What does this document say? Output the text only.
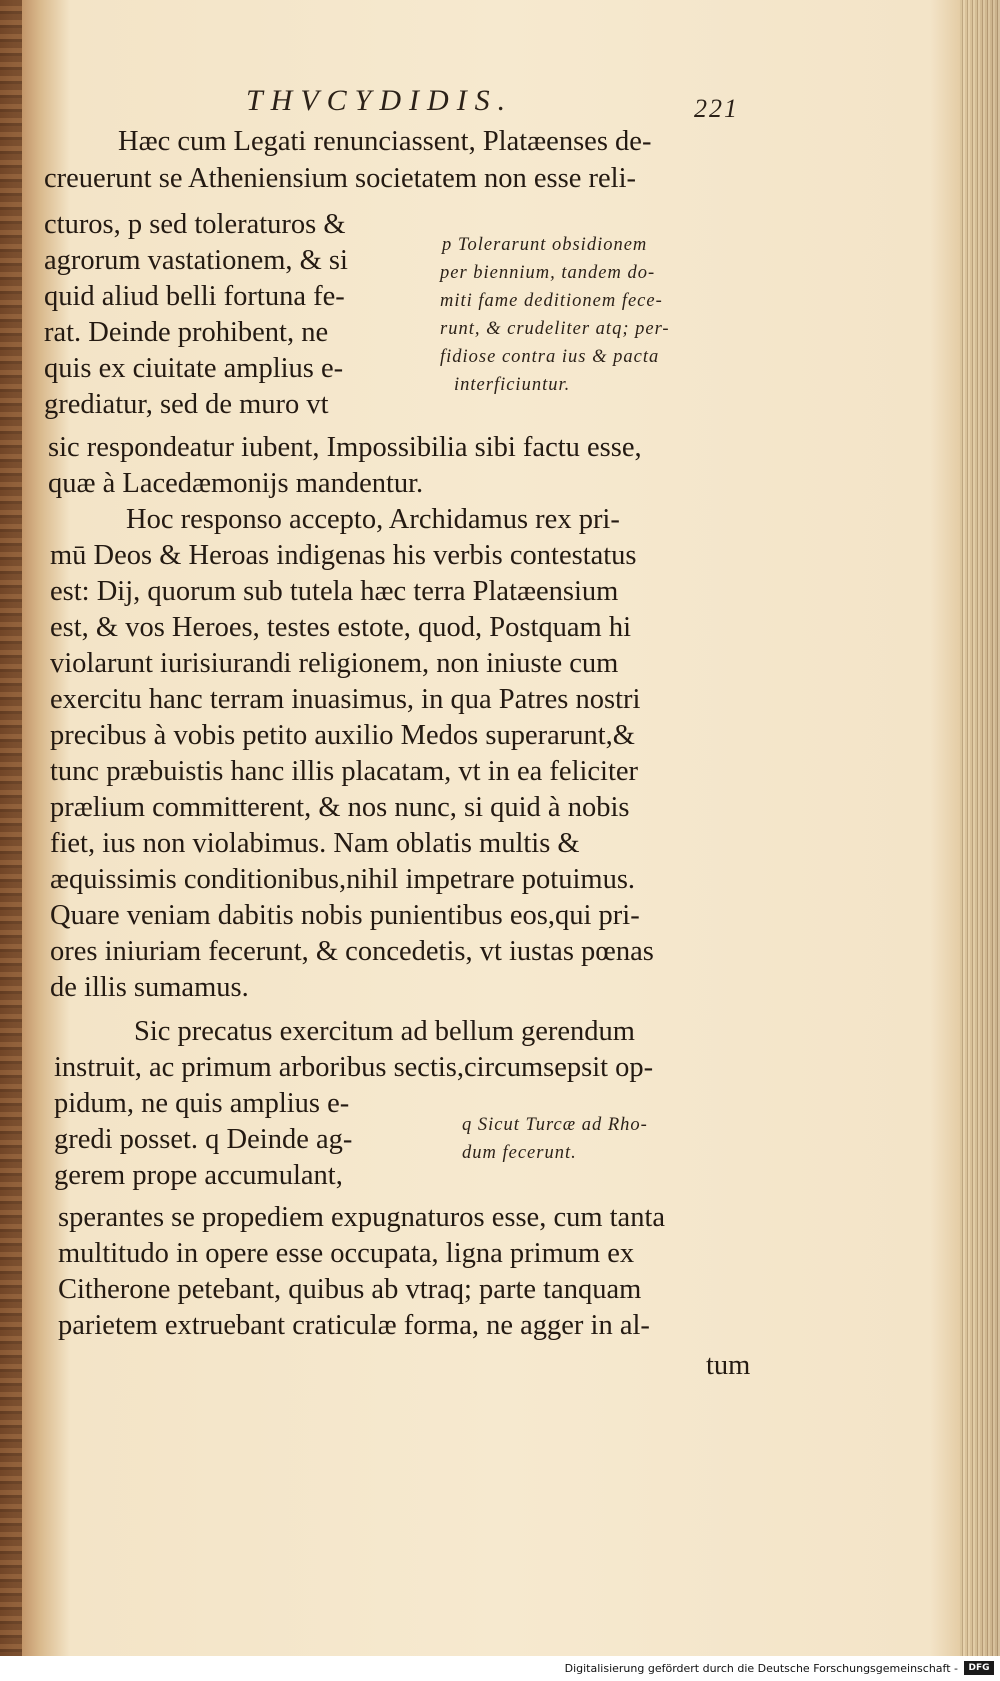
THVCYDIDIS.	221
Hæc cum Legati renunciassent, Platæenses de-
creuerunt se Atheniensium societatem non esse reli-
cturos, p sed toleraturos &
agrorum vastationem, & si
quid aliud belli fortuna fe-
rat. Deinde prohibent, ne
quis ex ciuitate amplius e-
grediatur, sed de muro vt
sic respondeatur iubent, Impossibilia sibi factu esse,
quæ à Lacedæmonijs mandentur.
Hoc responso accepto, Archidamus rex pri-
mū Deos & Heroas indigenas his verbis contestatus
est: Dij, quorum sub tutela hæc terra Platæensium
est, & vos Heroes, testes estote, quod, Postquam hi
violarunt iurisiurandi religionem, non iniuste cum
exercitu hanc terram inuasimus, in qua Patres nostri
precibus à vobis petito auxilio Medos superarunt,&
tunc præbuistis hanc illis placatam, vt in ea feliciter
prælium committerent, & nos nunc, si quid à nobis
fiet, ius non violabimus. Nam oblatis multis &
æquissimis conditionibus,nihil impetrare potuimus.
Quare veniam dabitis nobis punientibus eos,qui pri-
ores iniuriam fecerunt, & concedetis, vt iustas pœnas
de illis sumamus.
Sic precatus exercitum ad bellum gerendum
instruit, ac primum arboribus sectis,circumsepsit op-
pidum, ne quis amplius e-
gredi posset. q Deinde ag-
gerem prope accumulant,
sperantes se propediem expugnaturos esse, cum tanta
multitudo in opere esse occupata, ligna primum ex
Citherone petebant, quibus ab vtraq; parte tanquam
parietem extruebant craticulæ forma, ne agger in al-
tum
p Tolerarunt obsidionem
per biennium, tandem do-
miti fame deditionem fece-
runt, & crudeliter atq; per-
fidiose contra ius & pacta
interficiuntur.
q Sicut Turcæ ad Rho-
dum fecerunt.
Digitalisierung gefördert durch die Deutsche Forschungsgemeinschaft -	DFG
